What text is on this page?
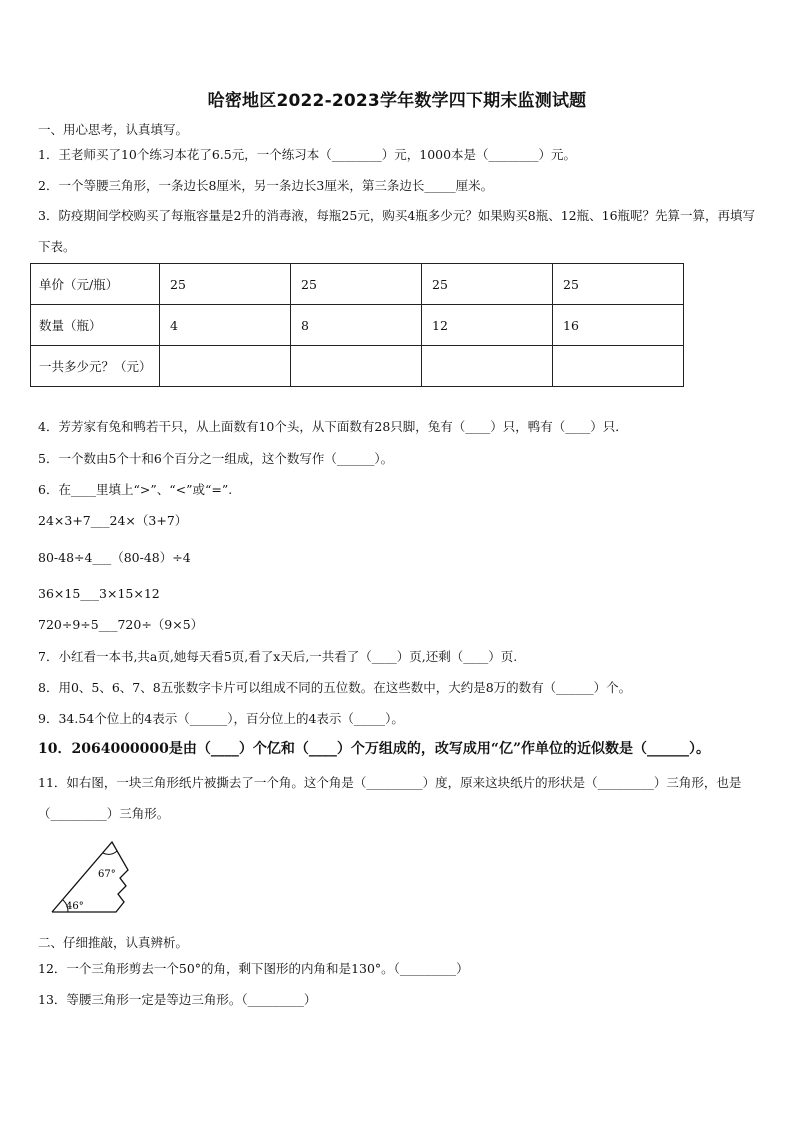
哈密地区2022-2023学年数学四下期末监测试题
一、用心思考，认真填写。
1．王老师买了10个练习本花了6.5元，一个练习本（________）元，1000本是（________）元。
2．一个等腰三角形，一条边长8厘米，另一条边长3厘米，第三条边长_____厘米。
3．防疫期间学校购买了每瓶容量是2升的消毒液，每瓶25元，购买4瓶多少元？如果购买8瓶、12瓶、16瓶呢？先算一算，再填写下表。
单价（元/瓶）	25	25	25	25
数量（瓶）	4	8	12	16
一共多少元？（元）				
4．芳芳家有兔和鸭若干只，从上面数有10个头，从下面数有28只脚，兔有（____）只，鸭有（____）只．
5．一个数由5个十和6个百分之一组成，这个数写作（______）。
6．在____里填上“>”、“<”或“=”.
24×3+7___24×（3+7）
80-48÷4___（80-48）÷4
36×15___3×15×12
720÷9÷5___720÷（9×5）
7．小红看一本书,共a页,她每天看5页,看了x天后,一共看了（____）页,还剩（____）页.
8．用0、5、6、7、8五张数字卡片可以组成不同的五位数。在这些数中，大约是8万的数有（______）个。
9．34.54个位上的4表示（______），百分位上的4表示（_____）。
10．2064000000是由（____）个亿和（____）个万组成的，改写成用“亿”作单位的近似数是（______）。
11．如右图，一块三角形纸片被撕去了一个角。这个角是（_________）度，原来这块纸片的形状是（_________）三角形，也是（_________）三角形。
67°
46°
二、仔细推敲，认真辨析。
12．一个三角形剪去一个50°的角，剩下图形的内角和是130°。（_________）
13．等腰三角形一定是等边三角形。（_________）
